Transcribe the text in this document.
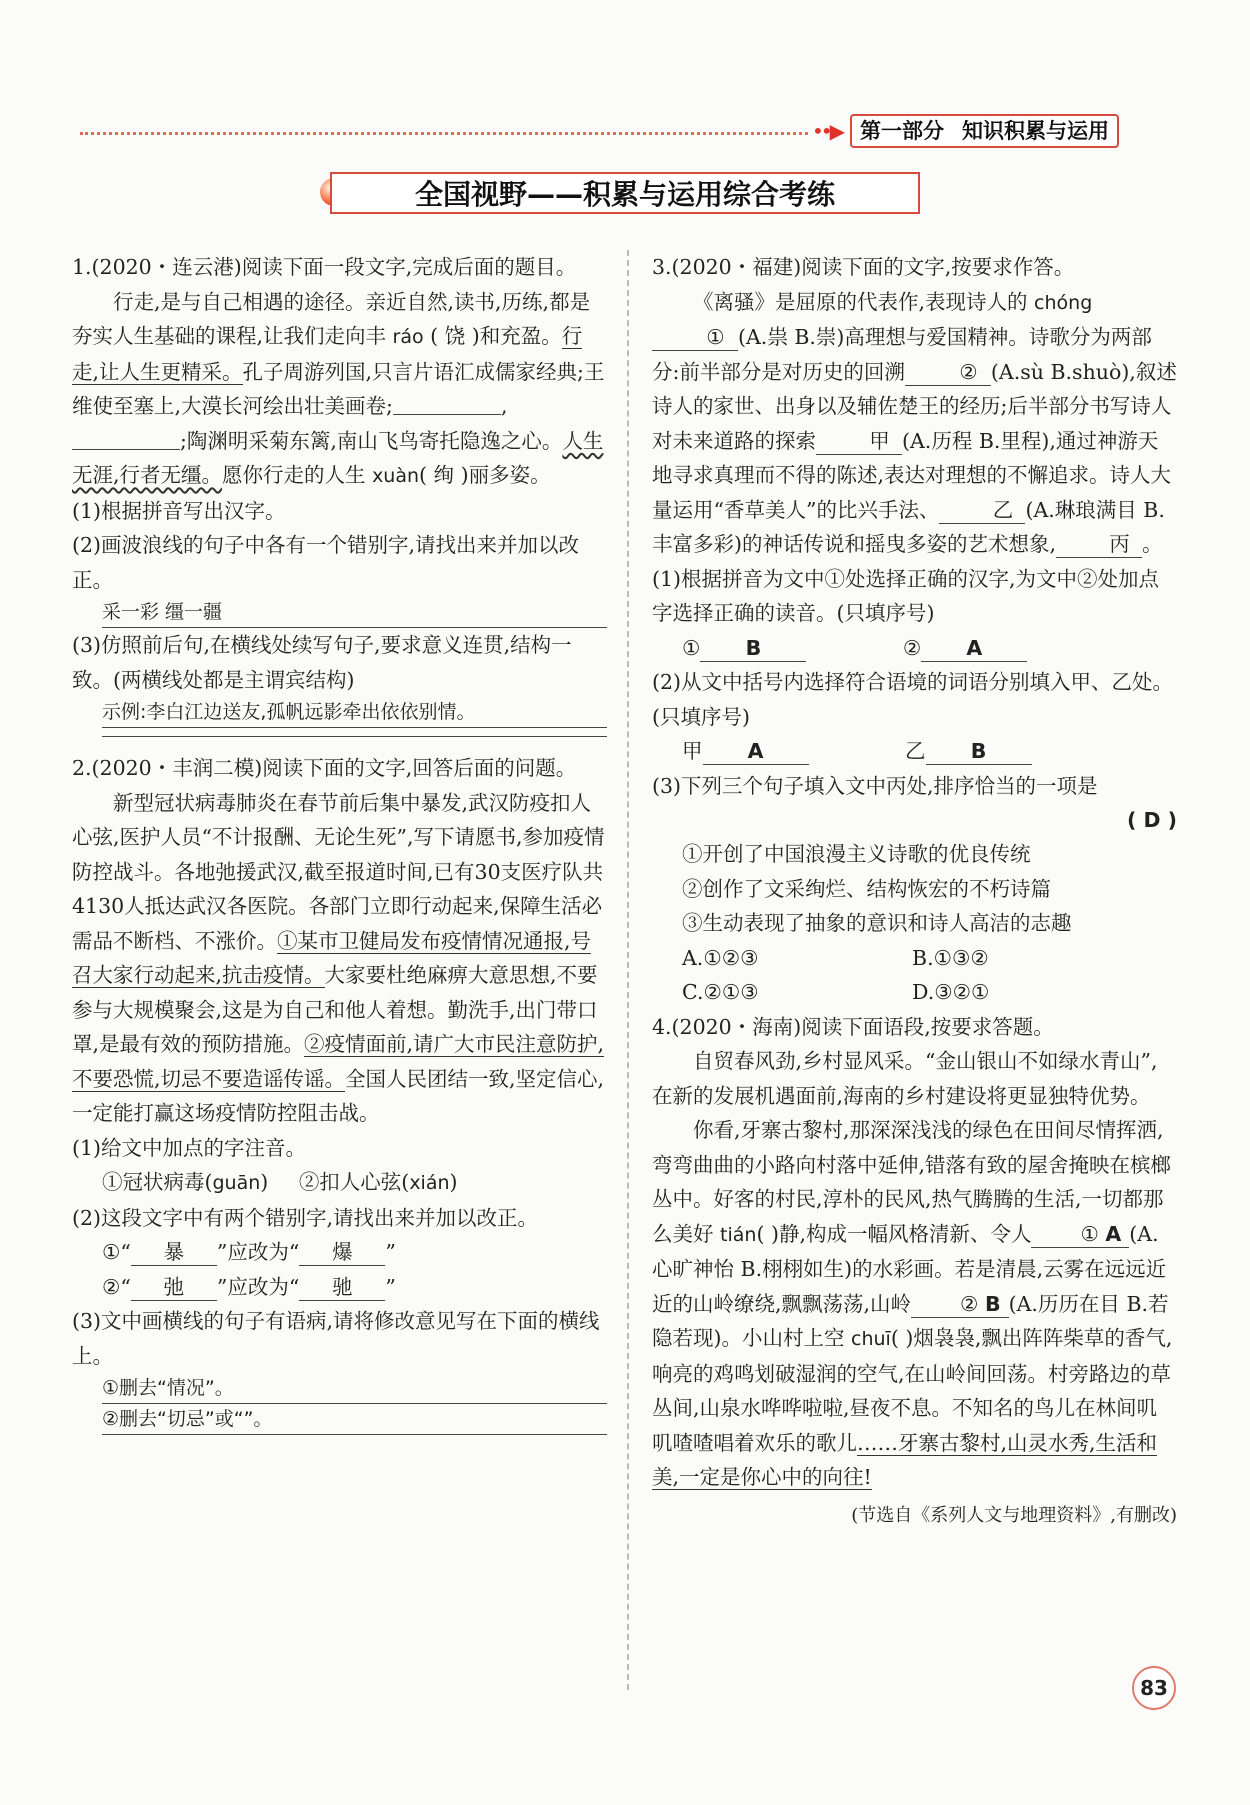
••▶ 第一部分 知识积累与运用
全国视野——积累与运用综合考练

1.(2020・连云港)阅读下面一段文字,完成后面的题目。

行走,是与自己相遇的途径。亲近自然,读书,历练,都是夯实人生基础的课程,让我们走向丰 ráo ( 饶 )和充盈。行走,让人生更精采。孔子周游列国,只言片语汇成儒家经典;王维使至塞上,大漠长河绘出壮美画卷;	,;陶渊明采菊东篱,南山飞鸟寄托隐逸之心。人生无涯,行者无缰。愿你行走的人生 xuàn( 绚 )丽多姿。

(1)根据拼音写出汉字。

(2)画波浪线的句子中各有一个错别字,请找出来并加以改正。

采一彩 缰一疆

(3)仿照前后句,在横线处续写句子,要求意义连贯,结构一致。(两横线处都是主谓宾结构)

示例:李白江边送友,孤帆远影牵出依依别情。

2.(2020・丰润二模)阅读下面的文字,回答后面的问题。

新型冠状病毒肺炎在春节前后集中暴发,武汉防疫扣人心弦,医护人员“不计报酬、无论生死”,写下请愿书,参加疫情防控战斗。各地弛援武汉,截至报道时间,已有30支医疗队共4130人抵达武汉各医院。各部门立即行动起来,保障生活必需品不断档、不涨价。①某市卫健局发布疫情情况通报,号召大家行动起来,抗击疫情。大家要杜绝麻痹大意思想,不要参与大规模聚会,这是为自己和他人着想。勤洗手,出门带口罩,是最有效的预防措施。②疫情面前,请广大市民注意防护,不要恐慌,切忌不要造谣传谣。全国人民团结一致,坚定信心,一定能打赢这场疫情防控阻击战。

(1)给文中加点的字注音。

①冠状病毒(guān) ②扣人心弦(xián)

(2)这段文字中有两个错别字,请找出来并加以改正。

①“ 暴 ”应改为“ 爆 ”

②“ 弛 ”应改为“ 驰 ”

(3)文中画横线的句子有语病,请将修改意见写在下面的横线上。

①删去“情况”。
②删去“切忌”或“”。

3.(2020・福建)阅读下面的文字,按要求作答。

《离骚》是屈原的代表作,表现诗人的 chóng ① (A.祟 B.崇)高理想与爱国精神。诗歌分为两部分:前半部分是对历史的回溯	② (A.sù B.shuò),叙述诗人的家世、出身以及辅佐楚王的经历;后半部分书写诗人对未来道路的探索	甲 (A.历程 B.里程),通过神游天地寻求真理而不得的陈述,表达对理想的不懈追求。诗人大量运用“香草美人”的比兴手法、	乙 (A.琳琅满目 B.丰富多彩)的神话传说和摇曳多姿的艺术想象,	丙 。

(1)根据拼音为文中①处选择正确的汉字,为文中②处加点字选择正确的读音。(只填序号)

① B	② A

(2)从文中括号内选择符合语境的词语分别填入甲、乙处。(只填序号)

甲 A	乙 B

(3)下列三个句子填入文中丙处,排序恰当的一项是

( D )

①开创了中国浪漫主义诗歌的优良传统

②创作了文采绚烂、结构恢宏的不朽诗篇

③生动表现了抽象的意识和诗人高洁的志趣

A.①②③	B.①③②

C.②①③	D.③②①

4.(2020・海南)阅读下面语段,按要求答题。

自贸春风劲,乡村显风采。“金山银山不如绿水青山”,在新的发展机遇面前,海南的乡村建设将更显独特优势。

你看,牙寨古黎村,那深深浅浅的绿色在田间尽情挥洒,弯弯曲曲的小路向村落中延伸,错落有致的屋舍掩映在槟榔丛中。好客的村民,淳朴的民风,热气腾腾的生活,一切都那么美好 tián( )静,构成一幅风格清新、令人 ① A (A.心旷神怡 B.栩栩如生)的水彩画。若是清晨,云雾在远远近近的山岭缭绕,飘飘荡荡,山岭 ② B (A.历历在目 B.若隐若现)。小山村上空 chuī( )烟袅袅,飘出阵阵柴草的香气,响亮的鸡鸣划破湿润的空气,在山岭间回荡。村旁路边的草丛间,山泉水哗哗啦啦,昼夜不息。不知名的鸟儿在林间叽叽喳喳唱着欢乐的歌儿……牙寨古黎村,山灵水秀,生活和美,一定是你心中的向往!

(节选自《系列人文与地理资料》,有删改)

83
